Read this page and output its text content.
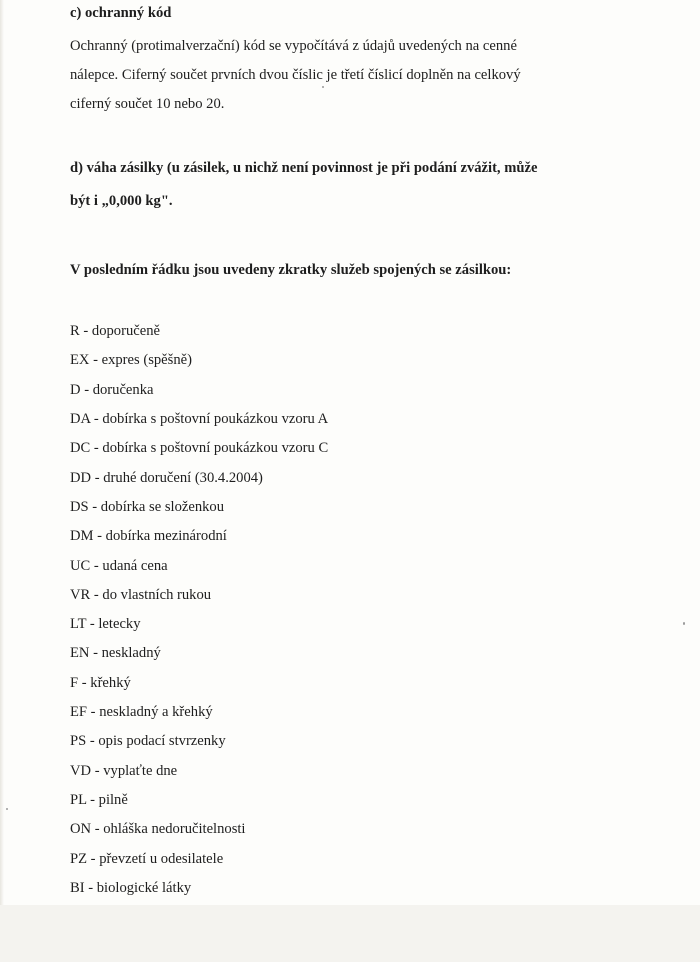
c) ochranný kód
Ochranný (protimalverzační) kód se vypočítává z údajů uvedených na cenné
nálepce. Ciferný součet prvních dvou číslic je třetí číslicí doplněn na celkový
ciferný součet 10 nebo 20.
d) váha zásilky (u zásilek, u nichž není povinnost je při podání zvážit, může
být i „0,000 kg".
V posledním řádku jsou uvedeny zkratky služeb spojených se zásilkou:
R - doporučeně
EX - expres (spěšně)
D - doručenka
DA - dobírka s poštovní poukázkou vzoru A
DC - dobírka s poštovní poukázkou vzoru C
DD - druhé doručení (30.4.2004)
DS - dobírka se složenkou
DM - dobírka mezinárodní
UC - udaná cena
VR - do vlastních rukou
LT - letecky
EN - neskladný
F - křehký
EF - neskladný a křehký
PS - opis podací stvrzenky
VD - vyplaťte dne
PL - pilně
ON - ohláška nedoručitelnosti
PZ - převzetí u odesilatele
BI - biologické látky
